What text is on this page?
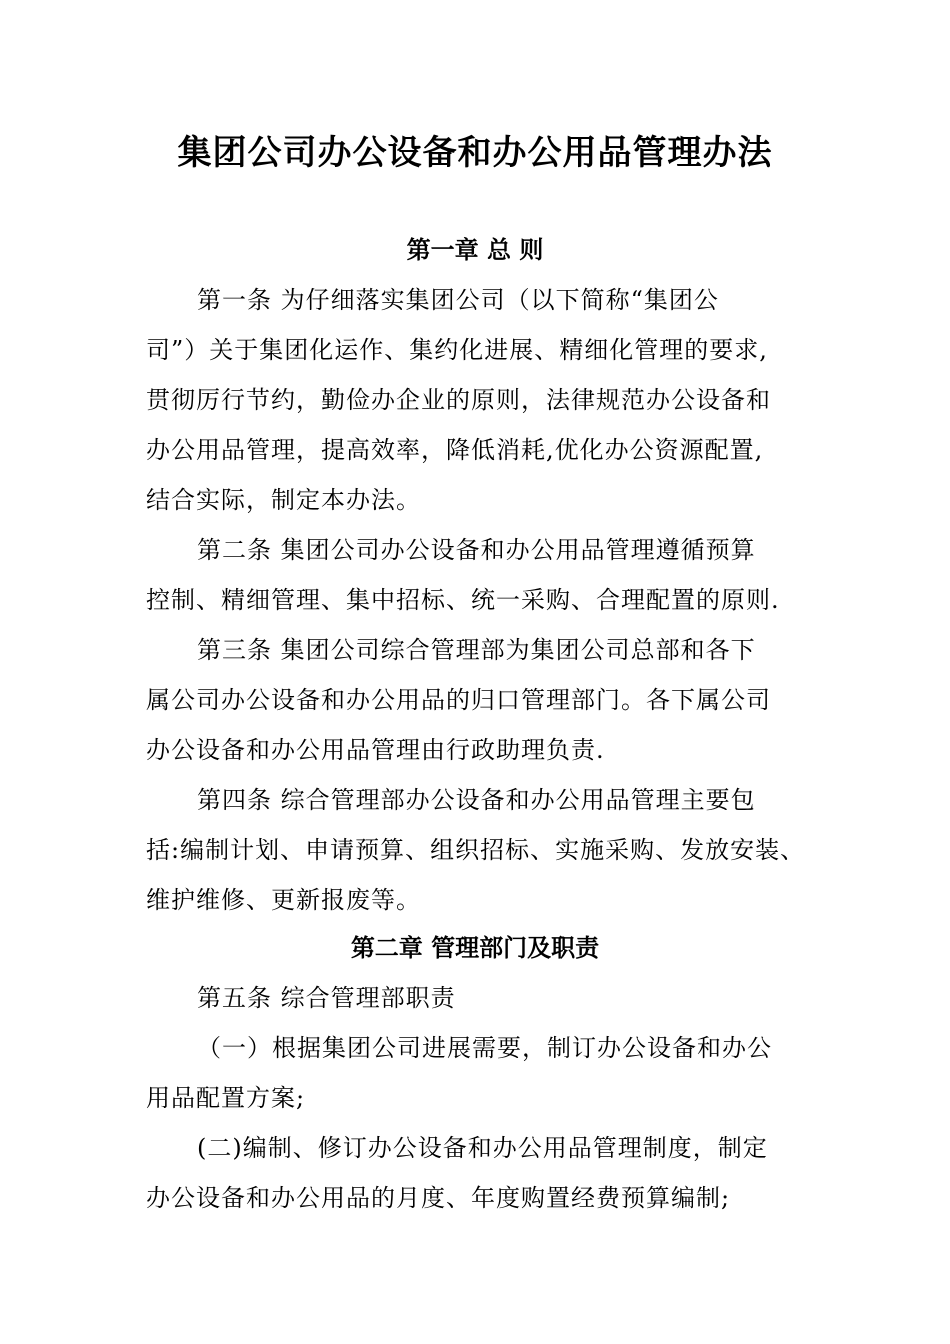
集团公司办公设备和办公用品管理办法
第一章 总 则

第一条 为仔细落实集团公司（以下简称“集团公

司”）关于集团化运作、集约化进展、精细化管理的要求,

贯彻厉行节约，勤俭办企业的原则，法律规范办公设备和

办公用品管理，提高效率，降低消耗,优化办公资源配置,

结合实际，制定本办法。

第二条 集团公司办公设备和办公用品管理遵循预算

控制、精细管理、集中招标、统一采购、合理配置的原则.

第三条 集团公司综合管理部为集团公司总部和各下

属公司办公设备和办公用品的归口管理部门。各下属公司

办公设备和办公用品管理由行政助理负责.

第四条 综合管理部办公设备和办公用品管理主要包

括:编制计划、申请预算、组织招标、实施采购、发放安装、

维护维修、更新报废等。

第二章 管理部门及职责

第五条 综合管理部职责

（一）根据集团公司进展需要，制订办公设备和办公

用品配置方案;

(二)编制、修订办公设备和办公用品管理制度，制定

办公设备和办公用品的月度、年度购置经费预算编制;
